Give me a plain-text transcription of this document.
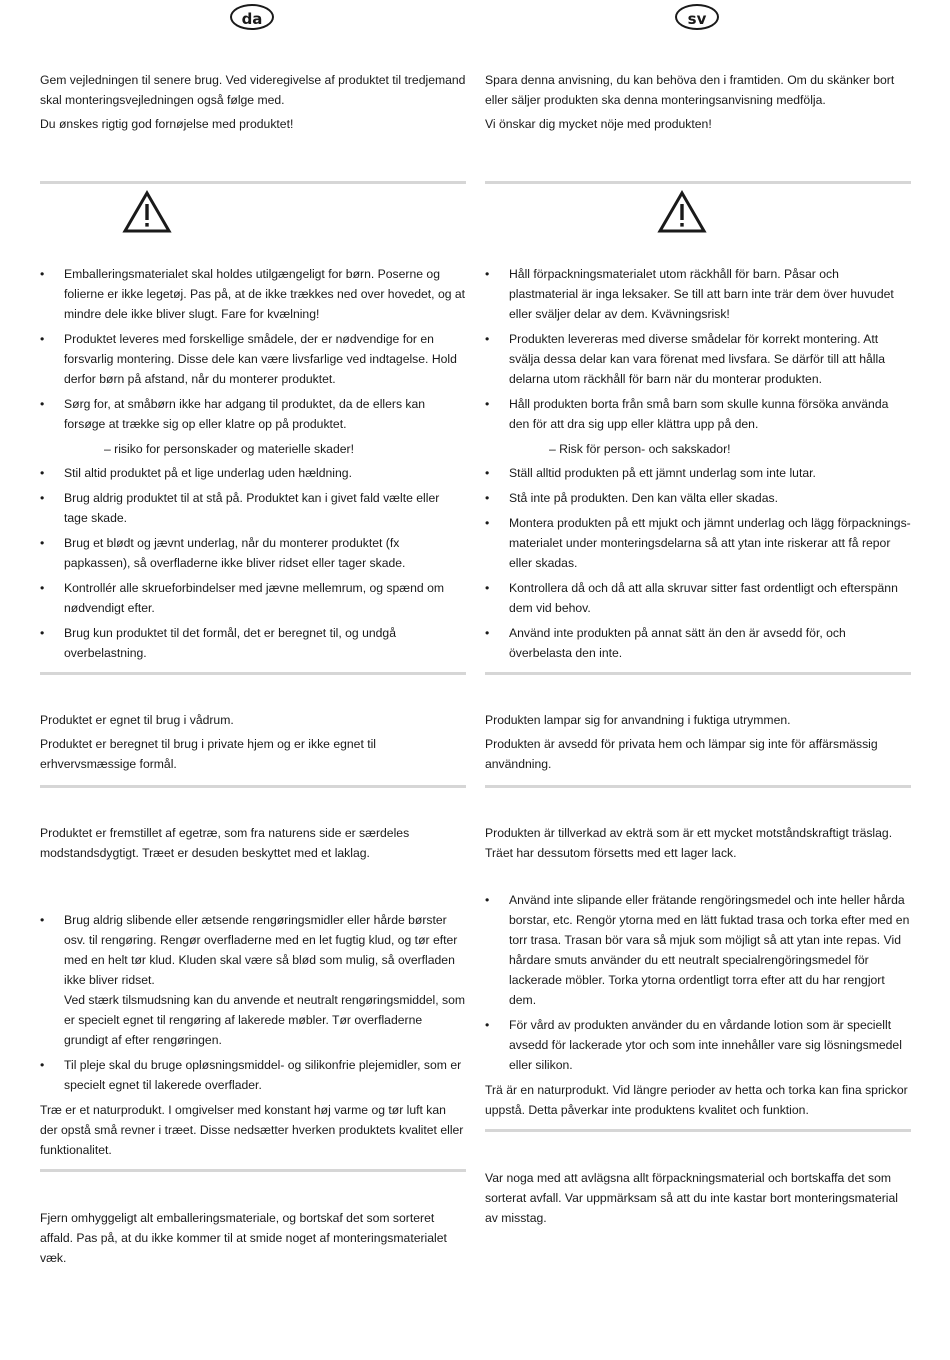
da

Gem vejledningen til senere brug. Ved videregivelse af produktet til tredjemand skal monteringsvejledningen også følge med.

Du ønskes rigtig god fornøjelse med produktet!

• Emballeringsmaterialet skal holdes utilgængeligt for børn. Poserne og folierne er ikke legetøj. Pas på, at de ikke trækkes ned over hovedet, og at mindre dele ikke bliver slugt. Fare for kvælning!
• Produktet leveres med forskellige smådele, der er nødvendige for en forsvarlig montering. Disse dele kan være livsfarlige ved indtagelse. Hold derfor børn på afstand, når du monterer produktet.
• Sørg for, at småbørn ikke har adgang til produktet, da de ellers kan forsøge at trække sig op eller klatre op på produktet.
– risiko for personskader og materielle skader!
• Stil altid produktet på et lige underlag uden hældning.
• Brug aldrig produktet til at stå på. Produktet kan i givet fald vælte eller tage skade.
• Brug et blødt og jævnt underlag, når du monterer produktet (fx papkassen), så overfladerne ikke bliver ridset eller tager skade.
• Kontrollér alle skrueforbindelser med jævne mellemrum, og spænd om nødvendigt efter.
• Brug kun produktet til det formål, det er beregnet til, og undgå overbelastning.

Produktet er egnet til brug i vådrum.

Produktet er beregnet til brug i private hjem og er ikke egnet til erhvervsmæssige formål.

Produktet er fremstillet af egetræ, som fra naturens side er særdeles modstandsdygtigt. Træet er desuden beskyttet med et laklag.
• Brug aldrig slibende eller ætsende rengøringsmidler eller hårde børster osv. til rengøring. Rengør overfladerne med en let fugtig klud, og tør efter med en helt tør klud. Kluden skal være så blød som mulig, så overfladen ikke bliver ridset.
Ved stærk tilsmudsning kan du anvende et neutralt rengøringsmiddel, som er specielt egnet til rengøring af lakerede møbler. Tør overfladerne grundigt af efter rengøringen.
• Til pleje skal du bruge opløsningsmiddel- og silikonfrie plejemidler, som er specielt egnet til lakerede overflader.

Træ er et naturprodukt. I omgivelser med konstant høj varme og tør luft kan der opstå små revner i træet. Disse nedsætter hverken produktets kvalitet eller funktionalitet.

Fjern omhyggeligt alt emballeringsmateriale, og bortskaf det som sorteret affald. Pas på, at du ikke kommer til at smide noget af monteringsmaterialet væk.
sv

Spara denna anvisning, du kan behöva den i framtiden. Om du skänker bort eller säljer produkten ska denna monteringsanvisning medfölja.

Vi önskar dig mycket nöje med produkten!

• Håll förpackningsmaterialet utom räckhåll för barn. Påsar och plastmaterial är inga leksaker. Se till att barn inte trär dem över huvudet eller sväljer delar av dem. Kvävningsrisk!
• Produkten levereras med diverse smådelar för korrekt montering. Att svälja dessa delar kan vara förenat med livsfara. Se därför till att hålla delarna utom räckhåll för barn när du monterar produkten.
• Håll produkten borta från små barn som skulle kunna försöka använda den för att dra sig upp eller klättra upp på den.
– Risk för person- och sakskador!
• Ställ alltid produkten på ett jämnt underlag som inte lutar.
• Stå inte på produkten. Den kan välta eller skadas.
• Montera produkten på ett mjukt och jämnt underlag och lägg förpacknings-materialet under monteringsdelarna så att ytan inte riskerar att få repor eller skadas.
• Kontrollera då och då att alla skruvar sitter fast ordentligt och efterspänn dem vid behov.
• Använd inte produkten på annat sätt än den är avsedd för, och överbelasta den inte.

Produkten lampar sig for anvandning i fuktiga utrymmen.

Produkten är avsedd för privata hem och lämpar sig inte för affärsmässig användning.

Produkten är tillverkad av ekträ som är ett mycket motståndskraftigt träslag. Träet har dessutom försetts med ett lager lack.
• Använd inte slipande eller frätande rengöringsmedel och inte heller hårda borstar, etc. Rengör ytorna med en lätt fuktad trasa och torka efter med en torr trasa. Trasan bör vara så mjuk som möjligt så att ytan inte repas. Vid hårdare smuts använder du ett neutralt specialrengöringsmedel för lackerade möbler. Torka ytorna ordentligt torra efter att du har rengjort dem.
• För vård av produkten använder du en vårdande lotion som är speciellt avsedd för lackerade ytor och som inte innehåller vare sig lösningsmedel eller silikon.

Trä är en naturprodukt. Vid längre perioder av hetta och torka kan fina sprickor uppstå. Detta påverkar inte produktens kvalitet och funktion.

Var noga med att avlägsna allt förpackningsmaterial och bortskaffa det som sorterat avfall. Var uppmärksam så att du inte kastar bort monteringsmaterial av misstag.
